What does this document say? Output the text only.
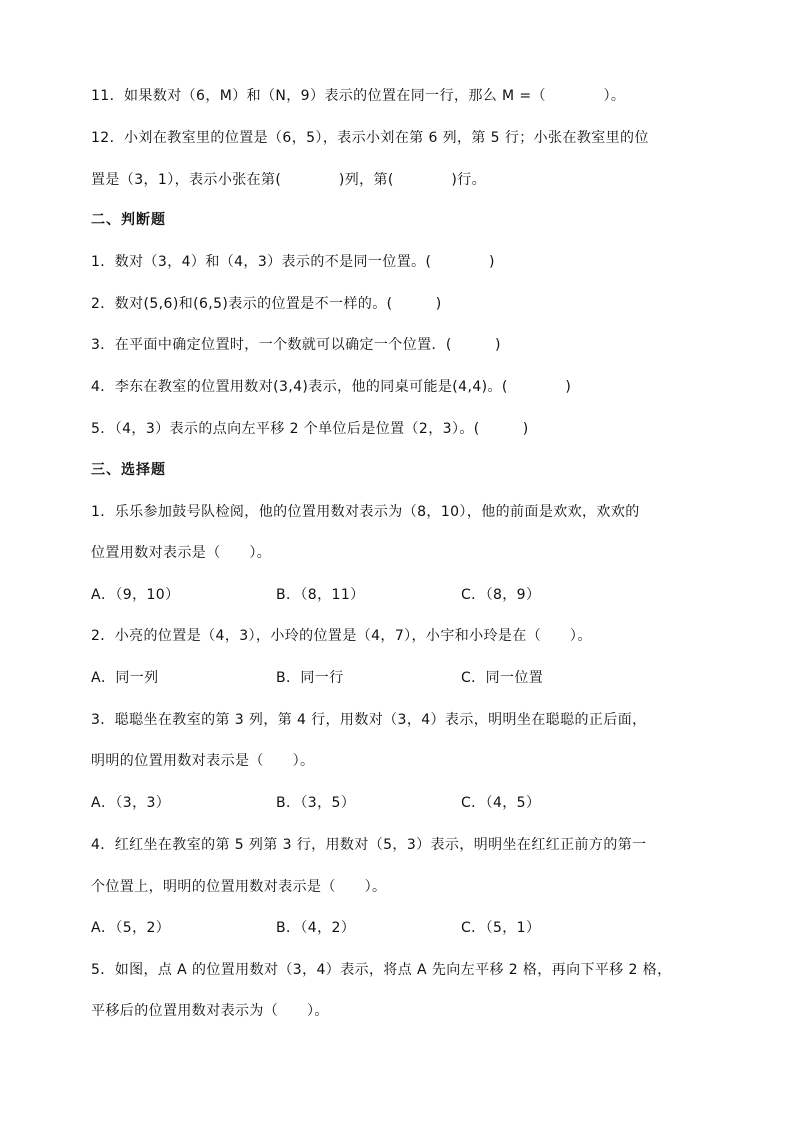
11．如果数对（6，M）和（N，9）表示的位置在同一行，那么 M =（　　　　）。
12．小刘在教室里的位置是（6，5），表示小刘在第 6 列，第 5 行；小张在教室里的位
置是（3，1），表示小张在第(　　　　)列，第(　　　　)行。
二、判断题
1．数对（3，4）和（4，3）表示的不是同一位置。(　　　　)
2．数对(5,6)和(6,5)表示的位置是不一样的。(　　　)
3．在平面中确定位置时，一个数就可以确定一个位置．(　　　)
4．李东在教室的位置用数对(3,4)表示，他的同桌可能是(4,4)。(　　　　)
5．（4，3）表示的点向左平移 2 个单位后是位置（2，3）。(　　　)
三、选择题
1．乐乐参加鼓号队检阅，他的位置用数对表示为（8，10），他的前面是欢欢，欢欢的
位置用数对表示是（　　）。
A．（9，10）	B．（8，11）	C．（8，9）
2．小亮的位置是（4，3），小玲的位置是（4，7），小宇和小玲是在（　　）。
A．同一列	B．同一行	C．同一位置
3．聪聪坐在教室的第 3 列，第 4 行，用数对（3，4）表示，明明坐在聪聪的正后面，
明明的位置用数对表示是（　　）。
A．（3，3）	B．（3，5）	C．（4，5）
4．红红坐在教室的第 5 列第 3 行，用数对（5，3）表示，明明坐在红红正前方的第一
个位置上，明明的位置用数对表示是（　　）。
A．（5，2）	B．（4，2）	C．（5，1）
5．如图，点 A 的位置用数对（3，4）表示，将点 A 先向左平移 2 格，再向下平移 2 格，
平移后的位置用数对表示为（　　）。
